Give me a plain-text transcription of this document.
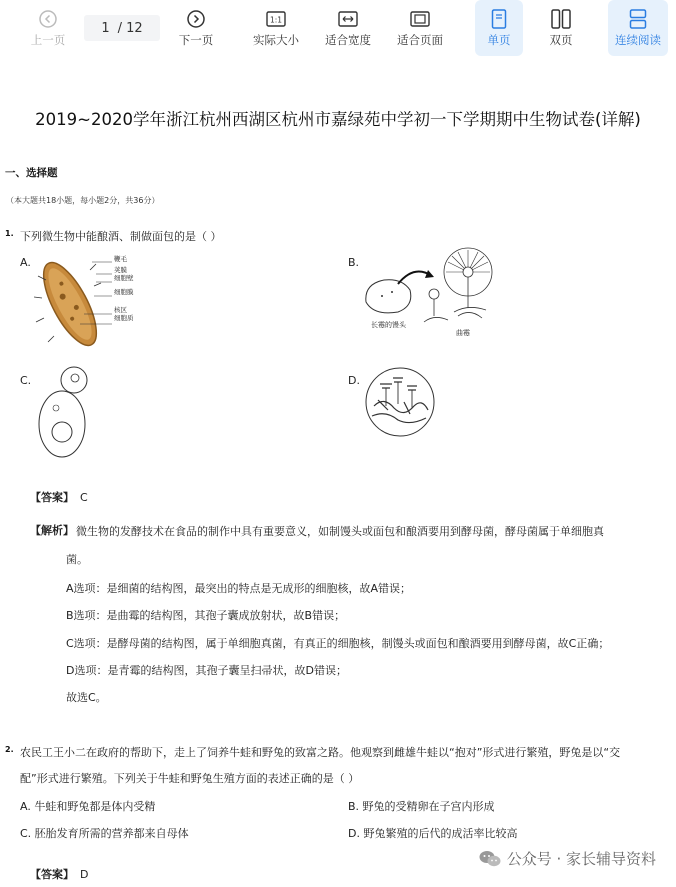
上一页
1 / 12
下一页
1:1
实际大小 适合宽度 适合页面	单页	双页	连续阅读
2019~2020学年浙江杭州西湖区杭州市嘉绿苑中学初一下学期期中生物试卷(详解)
一、选择题
（本大题共18小题，每小题2分，共36分）
1. 下列微生物中能酿酒、制做面包的是（ ）
A.	B.
C.	D.
鞭毛
荚膜
细胞壁
细胞膜
核区
细胞质
长霉的馒头
曲霉
【答案】 C
【解析】 微生物的发酵技术在食品的制作中具有重要意义，如制馒头或面包和酿酒要用到酵母菌，酵母菌属于单细胞真
菌。
A选项：是细菌的结构图，最突出的特点是无成形的细胞核，故A错误；
B选项：是曲霉的结构图，其孢子囊成放射状，故B错误；
C选项：是酵母菌的结构图，属于单细胞真菌，有真正的细胞核，制馒头或面包和酿酒要用到酵母菌，故C正确；
D选项：是青霉的结构图，其孢子囊呈扫帚状，故D错误；
故选C。
2. 农民工王小二在政府的帮助下，走上了饲养牛蛙和野兔的致富之路。他观察到雌雄牛蛙以“抱对”形式进行繁殖，野兔是以“交
配”形式进行繁殖。下列关于牛蛙和野兔生殖方面的表述正确的是（ ）
A. 牛蛙和野兔都是体内受精	B. 野兔的受精卵在子宫内形成
C. 胚胎发育所需的营养都来自母体	D. 野兔繁殖的后代的成活率比较高
【答案】 D
公众号 · 家长辅导资料
